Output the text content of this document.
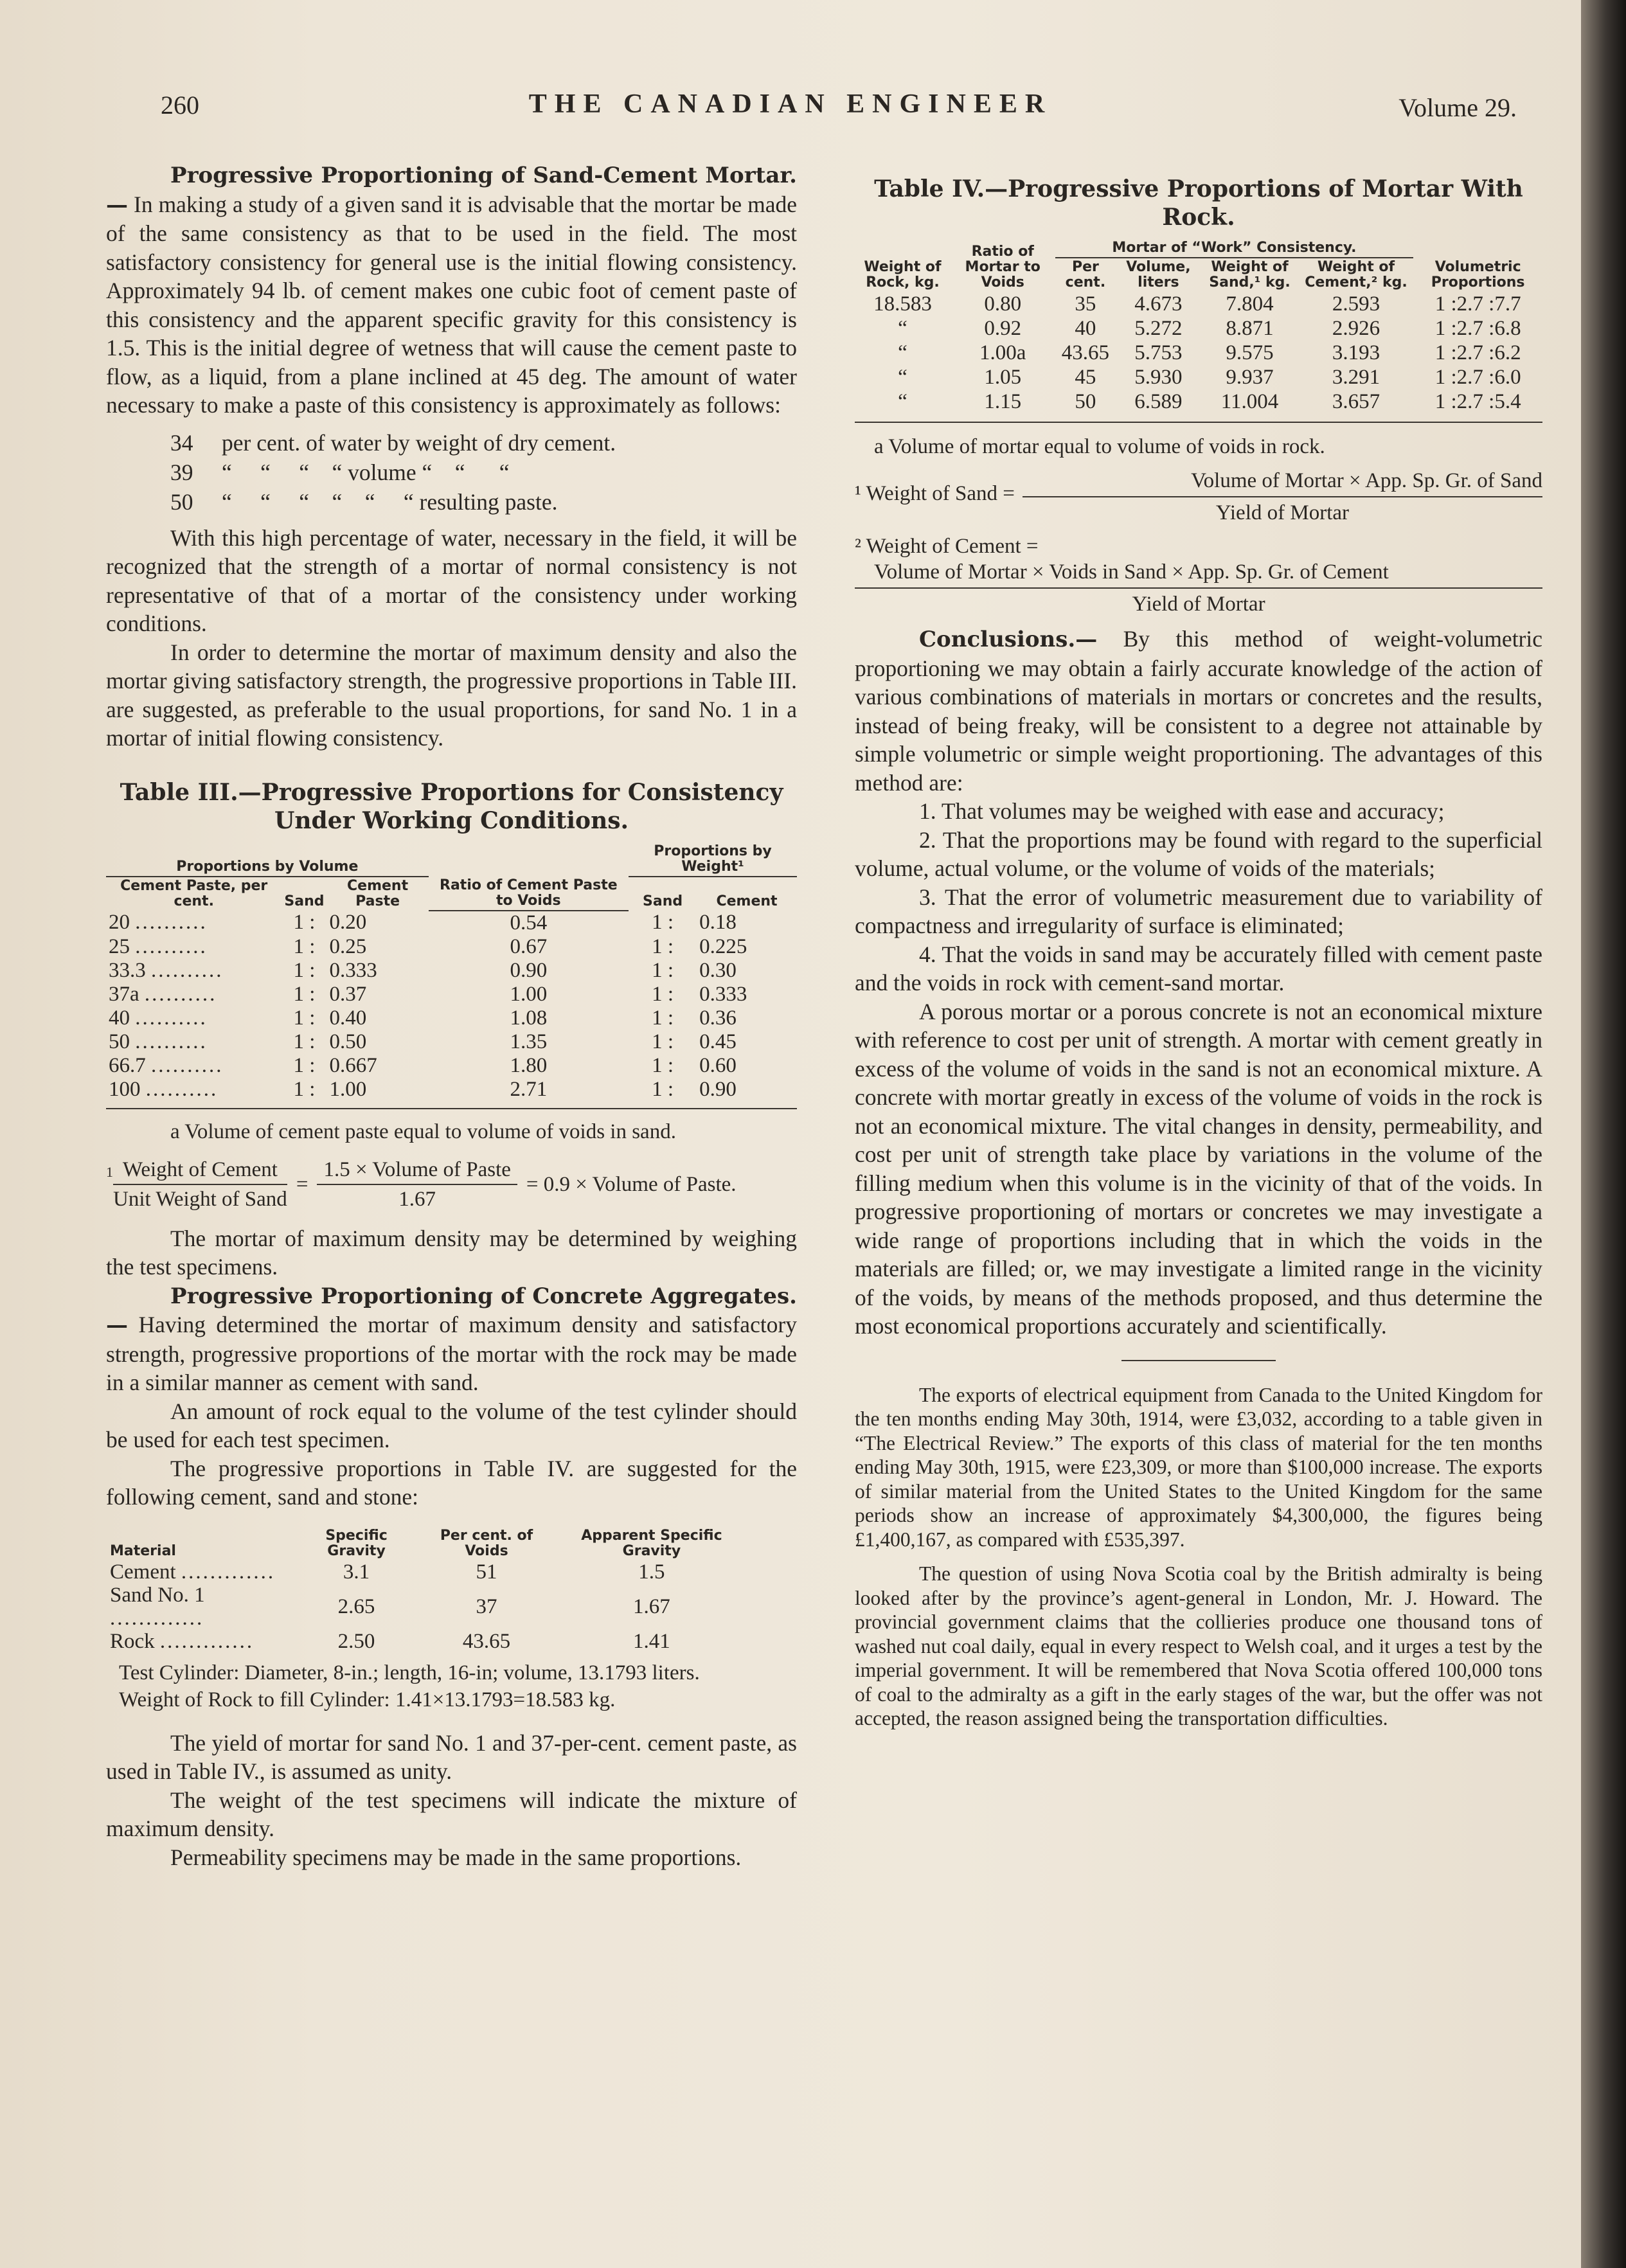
260	THE CANADIAN ENGINEER	Volume 29.

Progressive Proportioning of Sand-Cement Mortar.— In making a study of a given sand it is advisable that the mortar be made of the same consistency as that to be used in the field. The most satisfactory consistency for general use is the initial flowing consistency. Approximately 94 lb. of cement makes one cubic foot of cement paste of this consistency and the apparent specific gravity for this consistency is 1.5. This is the initial degree of wetness that will cause the cement paste to flow, as a liquid, from a plane inclined at 45 deg. The amount of water necessary to make a paste of this consistency is approximately as follows:

34	per cent. of water by weight of dry cement.
39	“     “     “    “ volume “    “      “
50	“     “     “    “    “     “ resulting paste.

With this high percentage of water, necessary in the field, it will be recognized that the strength of a mortar of normal consistency is not representative of that of a mortar of the consistency under working conditions.

In order to determine the mortar of maximum density and also the mortar giving satisfactory strength, the progressive proportions in Table III. are suggested, as preferable to the usual proportions, for sand No. 1 in a mortar of initial flowing consistency.

Table III.—Progressive Proportions for Consistency Under Working Conditions.
Proportions by Volume			Ratio of Cement Paste to Voids	Proportions by Weight¹	
Cement Paste, per cent.	Sand	Cement Paste		Sand	Cement
20 ..........	1 :	0.20	0.54	1 :	0.18
25 ..........	1 :	0.25	0.67	1 :	0.225
33.3 ..........	1 :	0.333	0.90	1 :	0.30
37a ..........	1 :	0.37	1.00	1 :	0.333
40 ..........	1 :	0.40	1.08	1 :	0.36
50 ..........	1 :	0.50	1.35	1 :	0.45
66.7 ..........	1 :	0.667	1.80	1 :	0.60
100 ..........	1 :	1.00	2.71	1 :	0.90

a Volume of cement paste equal to volume of voids in sand.

1 Weight of Cement
Unit Weight of Sand
=
1.5 × Volume of Paste
1.67
= 0.9 × Volume of Paste.

The mortar of maximum density may be determined by weighing the test specimens.

Progressive Proportioning of Concrete Aggregates.— Having determined the mortar of maximum density and satisfactory strength, progressive proportions of the mortar with the rock may be made in a similar manner as cement with sand.

An amount of rock equal to the volume of the test cylinder should be used for each test specimen.

The progressive proportions in Table IV. are suggested for the following cement, sand and stone:

Material	Specific Gravity	Per cent. of Voids	Apparent Specific Gravity
Cement .............	3.1	51	1.5
Sand No. 1 .............	2.65	37	1.67
Rock .............	2.50	43.65	1.41

Test Cylinder: Diameter, 8-in.; length, 16-in; volume, 13.1793 liters.

Weight of Rock to fill Cylinder: 1.41×13.1793=18.583 kg.

The yield of mortar for sand No. 1 and 37-per-cent. cement paste, as used in Table IV., is assumed as unity.

The weight of the test specimens will indicate the mixture of maximum density.

Permeability specimens may be made in the same proportions.

Table IV.—Progressive Proportions of Mortar With Rock.
Weight of Rock, kg.	Ratio of Mortar to Voids	Mortar of “Work” Consistency.				Volumetric Proportions
		Per cent.	Volume, liters	Weight of Sand,¹ kg.	Weight of Cement,² kg.	
18.583	0.80	35	4.673	7.804	2.593	1 :2.7 :7.7
“	0.92	40	5.272	8.871	2.926	1 :2.7 :6.8
“	1.00a	43.65	5.753	9.575	3.193	1 :2.7 :6.2
“	1.05	45	5.930	9.937	3.291	1 :2.7 :6.0
“	1.15	50	6.589	11.004	3.657	1 :2.7 :5.4

a Volume of mortar equal to volume of voids in rock.

¹ Weight of Sand = $\frac{\text{Volume of Mortar × App. Sp. Gr. of Sand}}{\text{Yield of Mortar}}$
² Weight of Cement =
Volume of Mortar × Voids in Sand × App. Sp. Gr. of Cement
Yield of Mortar

Conclusions.— By this method of weight-volumetric proportioning we may obtain a fairly accurate knowledge of the action of various combinations of materials in mortars or concretes and the results, instead of being freaky, will be consistent to a degree not attainable by simple volumetric or simple weight proportioning. The advantages of this method are:

1. That volumes may be weighed with ease and accuracy;

2. That the proportions may be found with regard to the superficial volume, actual volume, or the volume of voids of the materials;

3. That the error of volumetric measurement due to variability of compactness and irregularity of surface is eliminated;

4. That the voids in sand may be accurately filled with cement paste and the voids in rock with cement-sand mortar.

A porous mortar or a porous concrete is not an economical mixture with reference to cost per unit of strength. A mortar with cement greatly in excess of the volume of voids in the sand is not an economical mixture. A concrete with mortar greatly in excess of the volume of voids in the rock is not an economical mixture. The vital changes in density, permeability, and cost per unit of strength take place by variations in the volume of the filling medium when this volume is in the vicinity of that of the voids. In progressive proportioning of mortars or concretes we may investigate a wide range of proportions including that in which the voids in the materials are filled; or, we may investigate a limited range in the vicinity of the voids, by means of the methods proposed, and thus determine the most economical proportions accurately and scientifically.

The exports of electrical equipment from Canada to the United Kingdom for the ten months ending May 30th, 1914, were £3,032, according to a table given in “The Electrical Review.” The exports of this class of material for the ten months ending May 30th, 1915, were £23,309, or more than $100,000 increase. The exports of similar material from the United States to the United Kingdom for the same periods show an increase of approximately $4,300,000, the figures being £1,400,167, as compared with £535,397.

The question of using Nova Scotia coal by the British admiralty is being looked after by the province’s agent-general in London, Mr. J. Howard. The provincial government claims that the collieries produce one thousand tons of washed nut coal daily, equal in every respect to Welsh coal, and it urges a test by the imperial government. It will be remembered that Nova Scotia offered 100,000 tons of coal to the admiralty as a gift in the early stages of the war, but the offer was not accepted, the reason assigned being the transportation difficulties.
